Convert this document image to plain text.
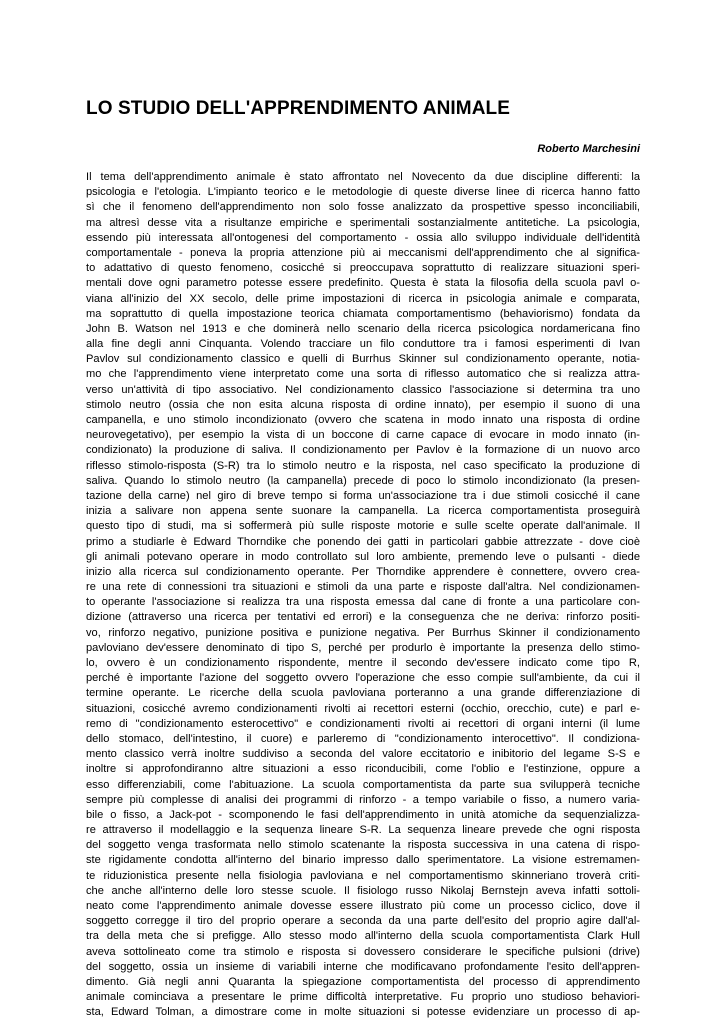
LO STUDIO DELL'APPRENDIMENTO ANIMALE

Roberto Marchesini

Il tema dell'apprendimento animale è stato affrontato nel Novecento da due discipline differenti: la
psicologia e l'etologia. L'impianto teorico e le metodologie di queste diverse linee di ricerca hanno fatto
sì che il fenomeno dell'apprendimento non solo fosse analizzato da prospettive spesso inconciliabili,
ma altresì desse vita a risultanze empiriche e sperimentali sostanzialmente antitetiche. La psicologia,
essendo più interessata all'ontogenesi del comportamento - ossia allo sviluppo individuale dell'identità
comportamentale - poneva la propria attenzione più ai meccanismi dell'apprendimento che al significa-
to adattativo di questo fenomeno, cosicché si preoccupava soprattutto di realizzare situazioni speri-
mentali dove ogni parametro potesse essere predefinito. Questa è stata la filosofia della scuola pavl o-
viana all'inizio del XX secolo, delle prime impostazioni di ricerca in psicologia animale e comparata,
ma soprattutto di quella impostazione teorica chiamata comportamentismo (behaviorismo) fondata da
John B. Watson nel 1913 e che dominerà nello scenario della ricerca psicologica nordamericana fino
alla fine degli anni Cinquanta. Volendo tracciare un filo conduttore tra i famosi esperimenti di Ivan
Pavlov sul condizionamento classico e quelli di Burrhus Skinner sul condizionamento operante, notia-
mo che l'apprendimento viene interpretato come una sorta di riflesso automatico che si realizza attra-
verso un'attività di tipo associativo. Nel condizionamento classico l'associazione si determina tra uno
stimolo neutro (ossia che non esita alcuna risposta di ordine innato), per esempio il suono di una
campanella, e uno stimolo incondizionato (ovvero che scatena in modo innato una risposta di ordine
neurovegetativo), per esempio la vista di un boccone di carne capace di evocare in modo innato (in-
condizionato) la produzione di saliva. Il condizionamento per Pavlov è la formazione di un nuovo arco
riflesso stimolo-risposta (S-R) tra lo stimolo neutro e la risposta, nel caso specificato la produzione di
saliva. Quando lo stimolo neutro (la campanella) precede di poco lo stimolo incondizionato (la presen-
tazione della carne) nel giro di breve tempo si forma un'associazione tra i due stimoli cosicché il cane
inizia a salivare non appena sente suonare la campanella. La ricerca comportamentista proseguirà
questo tipo di studi, ma si soffermerà più sulle risposte motorie e sulle scelte operate dall'animale. Il
primo a studiarle è Edward Thorndike che ponendo dei gatti in particolari gabbie attrezzate - dove cioè
gli animali potevano operare in modo controllato sul loro ambiente, premendo leve o pulsanti - diede
inizio alla ricerca sul condizionamento operante. Per Thorndike apprendere è connettere, ovvero crea-
re una rete di connessioni tra situazioni e stimoli da una parte e risposte dall'altra. Nel condizionamen-
to operante l'associazione si realizza tra una risposta emessa dal cane di fronte a una particolare con-
dizione (attraverso una ricerca per tentativi ed errori) e la conseguenza che ne deriva: rinforzo positi-
vo, rinforzo negativo, punizione positiva e punizione negativa. Per Burrhus Skinner il condizionamento
pavloviano dev'essere denominato di tipo S, perché per produrlo è importante la presenza dello stimo-
lo, ovvero è un condizionamento rispondente, mentre il secondo dev'essere indicato come tipo R,
perché è importante l'azione del soggetto ovvero l'operazione che esso compie sull'ambiente, da cui il
termine operante. Le ricerche della scuola pavloviana porteranno a una grande differenziazione di
situazioni, cosicché avremo condizionamenti rivolti ai recettori esterni (occhio, orecchio, cute) e parl e-
remo di "condizionamento esterocettivo" e condizionamenti rivolti ai recettori di organi interni (il lume
dello stomaco, dell'intestino, il cuore) e parleremo di "condizionamento interocettivo". Il condiziona-
mento classico verrà inoltre suddiviso a seconda del valore eccitatorio e inibitorio del legame S-S e
inoltre si approfondiranno altre situazioni a esso riconducibili, come l'oblio e l'estinzione, oppure a
esso differenziabili, come l'abituazione. La scuola comportamentista da parte sua svilupperà tecniche
sempre più complesse di analisi dei programmi di rinforzo - a tempo variabile o fisso, a numero varia-
bile o fisso, a Jack-pot - scomponendo le fasi dell'apprendimento in unità atomiche da sequenzializza-
re attraverso il modellaggio e la sequenza lineare S-R. La sequenza lineare prevede che ogni risposta
del soggetto venga trasformata nello stimolo scatenante la risposta successiva in una catena di rispo-
ste rigidamente condotta all'interno del binario impresso dallo sperimentatore. La visione estremamen-
te riduzionistica presente nella fisiologia pavloviana e nel comportamentismo skinneriano troverà criti-
che anche all'interno delle loro stesse scuole. Il fisiologo russo Nikolaj Bernstejn aveva infatti sottoli-
neato come l'apprendimento animale dovesse essere illustrato più come un processo ciclico, dove il
soggetto corregge il tiro del proprio operare a seconda da una parte dell'esito del proprio agire dall'al-
tra della meta che si prefigge. Allo stesso modo all'interno della scuola comportamentista Clark Hull
aveva sottolineato come tra stimolo e risposta si dovessero considerare le specifiche pulsioni (drive)
del soggetto, ossia un insieme di variabili interne che modificavano profondamente l'esito dell'appren-
dimento. Già negli anni Quaranta la spiegazione comportamentista del processo di apprendimento
animale cominciava a presentare le prime difficoltà interpretative. Fu proprio uno studioso behaviori-
sta, Edward Tolman, a dimostrare come in molte situazioni si potesse evidenziare un processo di ap-
